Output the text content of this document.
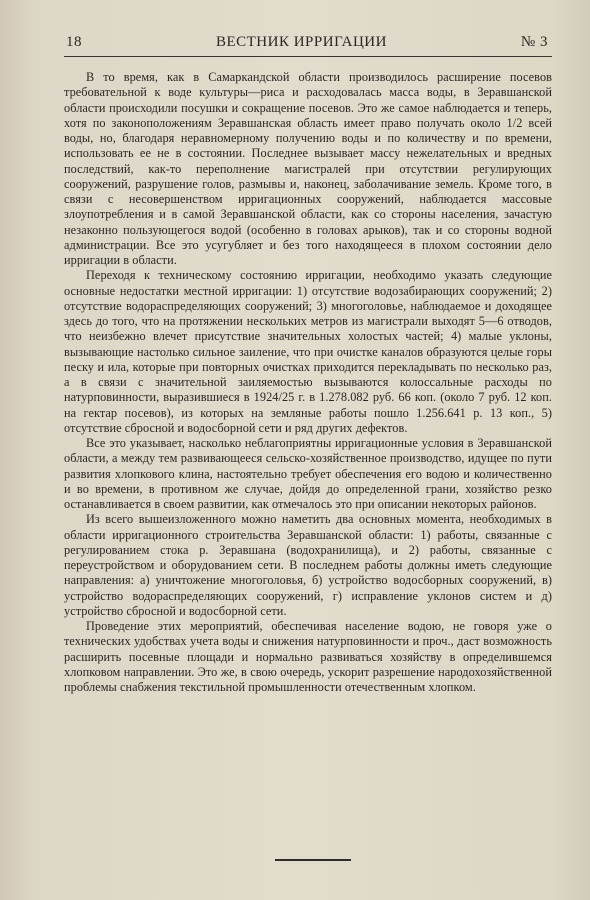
18	ВЕСТНИК ИРРИГАЦИИ	№ 3

В то время, как в Самаркандской области производилось расширение посевов требовательной к воде культуры—риса и расходовалась масса воды, в Зеравшанской области происходили посушки и сокращение посевов. Это же самое наблюдается и теперь, хотя по законоположениям Зеравшанская область имеет право получать около 1/2 всей воды, но, благодаря неравномерному получению воды и по количеству и по времени, использовать ее не в состоянии. Последнее вызывает массу нежелательных и вредных последствий, как-то переполнение магистралей при отсутствии регулирующих сооружений, разрушение голов, размывы и, наконец, заболачивание земель. Кроме того, в связи с несовершенством ирригационных сооружений, наблюдается массовые злоупотребления и в самой Зеравшанской области, как со стороны населения, зачастую незаконно пользующегося водой (особенно в головах арыков), так и со стороны водной администрации. Все это усугубляет и без того находящееся в плохом состоянии дело ирригации в области.

Переходя к техническому состоянию ирригации, необходимо указать следующие основные недостатки местной ирригации: 1) отсутствие водозабирающих сооружений; 2) отсутствие водораспределяющих сооружений; 3) многоголовье, наблюдаемое и доходящее здесь до того, что на протяжении нескольких метров из магистрали выходят 5—6 отводов, что неизбежно влечет присутствие значительных холостых частей; 4) малые уклоны, вызывающие настолько сильное заиление, что при очистке каналов образуются целые горы песку и ила, которые при повторных очистках приходится перекладывать по несколько раз, а в связи с значительной заиляемостью вызываются колоссальные расходы по натурповинности, выразившиеся в 1924/25 г. в 1.278.082 руб. 66 коп. (около 7 руб. 12 коп. на гектар посевов), из которых на земляные работы пошло 1.256.641 р. 13 коп., 5) отсутствие сбросной и водосборной сети и ряд других дефектов.

Все это указывает, насколько неблагоприятны ирригационные условия в Зеравшанской области, а между тем развивающееся сельско-хозяйственное производство, идущее по пути развития хлопкового клина, настоятельно требует обеспечения его водою и количественно и во времени, в противном же случае, дойдя до определенной грани, хозяйство резко останавливается в своем развитии, как отмечалось это при описании некоторых районов.

Из всего вышеизложенного можно наметить два основных момента, необходимых в области ирригационного строительства Зеравшанской области: 1) работы, связанные с регулированием стока р. Зеравшана (водохранилища), и 2) работы, связанные с переустройством и оборудованием сети. В последнем работы должны иметь следующие направления: а) уничтожение многоголовья, б) устройство водосборных сооружений, в) устройство водораспределяющих сооружений, г) исправление уклонов систем и д) устройство сбросной и водосборной сети.

Проведение этих мероприятий, обеспечивая население водою, не говоря уже о технических удобствах учета воды и снижения натурповинности и проч., даст возможность расширить посевные площади и нормально развиваться хозяйству в определившемся хлопковом направлении. Это же, в свою очередь, ускорит разрешение народохозяйственной проблемы снабжения текстильной промышленности отечественным хлопком.
